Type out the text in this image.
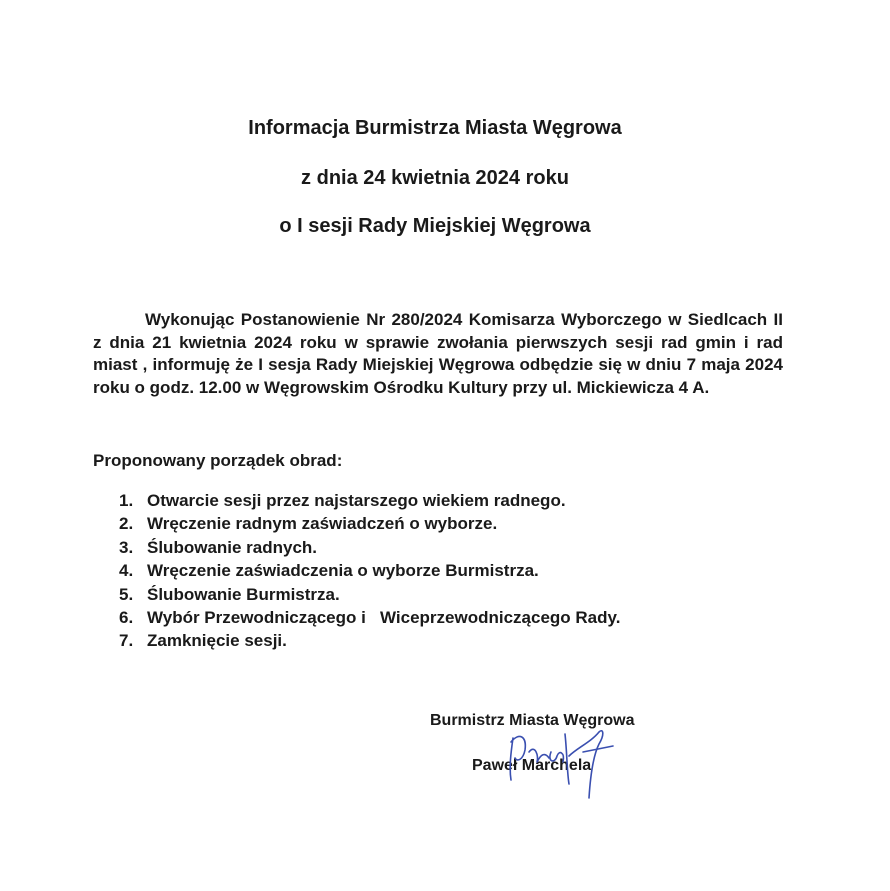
Informacja Burmistrza Miasta Węgrowa
z dnia 24 kwietnia 2024 roku
o I sesji Rady Miejskiej Węgrowa

Wykonując Postanowienie Nr 280/2024 Komisarza Wyborczego w Siedlcach II z dnia 21 kwietnia 2024 roku w sprawie zwołania pierwszych sesji rad gmin i rad miast , informuję że I sesja Rady Miejskiej Węgrowa odbędzie się w dniu 7 maja 2024 roku o godz. 12.00 w Węgrowskim Ośrodku Kultury przy ul. Mickiewicza 4 A.

Proponowany porządek obrad:

1. Otwarcie sesji przez najstarszego wiekiem radnego.
2. Wręczenie radnym zaświadczeń o wyborze.
3. Ślubowanie radnych.
4. Wręczenie zaświadczenia o wyborze Burmistrza.
5. Ślubowanie Burmistrza.
6. Wybór Przewodniczącego i   Wiceprzewodniczącego Rady.
7. Zamknięcie sesji.

Burmistrz Miasta Węgrowa

Paweł Marchela
